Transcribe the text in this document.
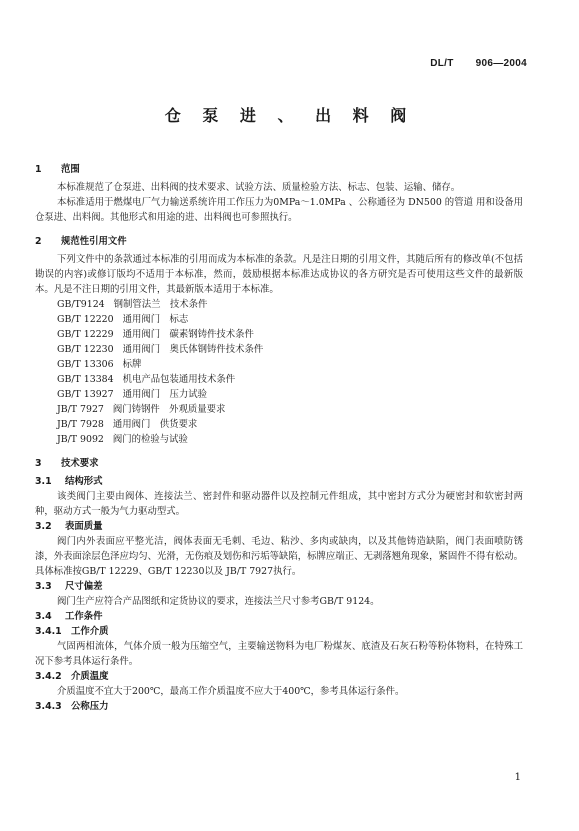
DL/T 906—2004
仓 泵 进 、 出 料 阀
1 范围

本标准规范了仓泵进、出料阀的技术要求、试验方法、质量检验方法、标志、包装、运输、储存。

本标准适用于燃煤电厂气力输送系统许用工作压力为0MPa～1.0MPa 、公称通径为 DN500 的管道 用和设备用仓泵进、出料阀。其他形式和用途的进、出料阀也可参照执行。

2 规范性引用文件

下列文件中的条款通过本标准的引用而成为本标准的条款。凡是注日期的引用文件，其随后所有的修改单(不包括勘误的内容)或修订版均不适用于本标准，然而，鼓励根据本标准达成协议的各方研究是否可使用这些文件的最新版本。凡是不注日期的引用文件，其最新版本适用于本标准。

GB/T9124 钢制管法兰　技术条件
GB/T 12220 通用阀门　标志
GB/T 12229 通用阀门　碳素钢铸件技术条件
GB/T 12230 通用阀门　奥氏体钢铸件技术条件
GB/T 13306 标牌
GB/T 13384 机电产品包装通用技术条件
GB/T 13927 通用阀门　压力试验
JB/T 7927 阀门铸钢件　外观质量要求
JB/T 7928 通用阀门　供货要求
JB/T 9092 阀门的检验与试验
3 技术要求
3.1 结构形式

该类阀门主要由阀体、连接法兰、密封件和驱动器件以及控制元件组成，其中密封方式分为硬密封和软密封两种，驱动方式一般为气力驱动型式。

3.2 表面质量

阀门内外表面应平整光洁，阀体表面无毛刺、毛边、粘沙、多肉或缺肉，以及其他铸造缺陷，阀门表面喷防锈漆，外表面涂层色泽应均匀、光滑，无伤痕及划伤和污垢等缺陷，标牌应端正、无剥落翘角现象，紧固件不得有松动。具体标准按GB/T 12229、GB/T 12230以及 JB/T 7927执行。

3.3 尺寸偏差

阀门生产应符合产品图纸和定货协议的要求，连接法兰尺寸参考GB/T 9124。

3.4 工作条件
3.4.1 工作介质

气固两相流体，气体介质一般为压缩空气，主要输送物料为电厂粉煤灰、底渣及石灰石粉等粉体物料，在特殊工况下参考具体运行条件。

3.4.2 介质温度

介质温度不宜大于200℃，最高工作介质温度不应大于400℃，参考具体运行条件。

3.4.3 公称压力
1
